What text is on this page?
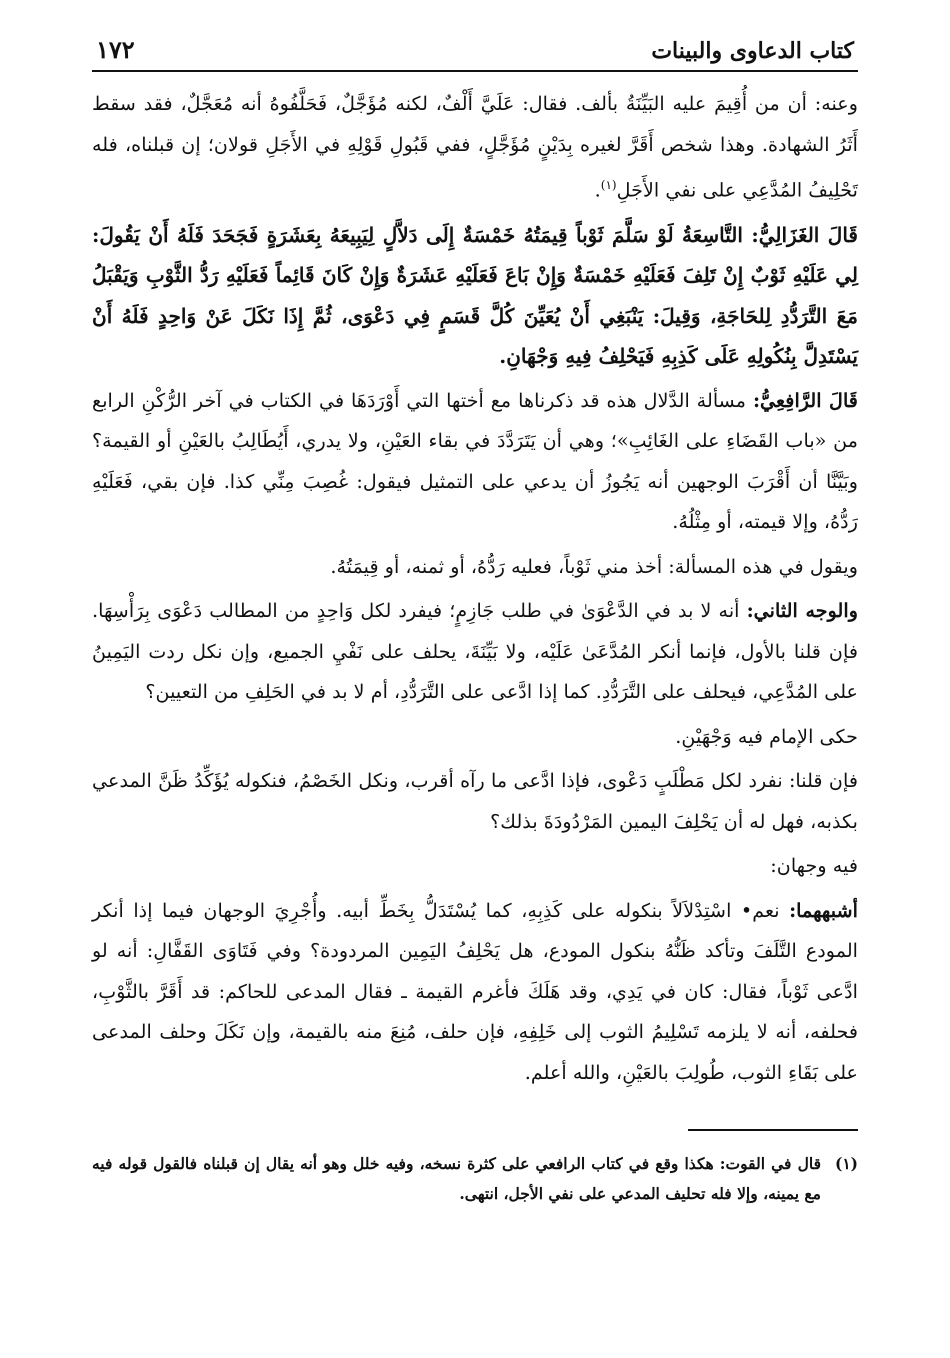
كتاب الدعاوى والبينات
١٧٢

وعنه: أن من أُقِيمَ عليه البَيِّنَةُ بألف. فقال: عَلَيَّ أَلْفٌ، لكنه مُؤَجَّلٌ، فَحَلَّفُوهُ أنه مُعَجَّلٌ، فقد سقط أَثَرُ الشهادة. وهذا شخص أَقَرَّ لغيره بِدَيْنٍ مُؤَجَّلٍ، ففي قَبُولِ قَوْلِهِ في الأَجَلِ قولان؛ إن قبلناه، فله تَحْلِيفُ المُدَّعِي على نفي الأَجَلِ$^{(١)}$.

قَالَ الغَزَالِيُّ: التَّاسِعَةُ لَوْ سَلَّمَ ثَوْباً قِيمَتُهُ خَمْسَةٌ إِلَى دَلاَّلٍ لِيَبِيعَهُ بِعَشَرَةٍ فَجَحَدَ فَلَهُ أَنْ يَقُولَ: لِي عَلَيْهِ ثَوْبٌ إِنْ تَلِفَ فَعَلَيْهِ خَمْسَةٌ وَإِنْ بَاعَ فَعَلَيْهِ عَشَرَةٌ وَإِنْ كَانَ قَائِماً فَعَلَيْهِ رَدُّ الثَّوْبِ وَيَقْبَلُ مَعَ التَّرَدُّدِ لِلحَاجَةِ، وَقِيلَ: يَنْبَغِي أَنْ يُعَيِّنَ كُلَّ قَسَمٍ فِي دَعْوَى، ثُمَّ إِذَا نَكَلَ عَنْ وَاحِدٍ فَلَهُ أَنْ يَسْتَدِلَّ بِنُكُولِهِ عَلَى كَذِبِهِ فَيَحْلِفُ فِيهِ وَجْهَانِ.

قَالَ الرَّافِعِيُّ: مسألة الدَّلال هذه قد ذكرناها مع أختها التي أَوْرَدَهَا في الكتاب في آخر الرُّكْنِ الرابع من «باب القَضَاءِ على الغَائِبِ»؛ وهي أن يَتَرَدَّدَ في بقاء العَيْنِ، ولا يدري، أَيُطَالِبُ بالعَيْنِ أو القيمة؟ وبَيَّنَّا أن أَقْرَبَ الوجهين أنه يَجُوزُ أن يدعي على التمثيل فيقول: غُصِبَ مِنِّي كذا. فإن بقي، فَعَلَيْهِ رَدُّهُ، وإلا قيمته، أو مِثْلُهُ.

ويقول في هذه المسألة: أخذ مني ثَوْباً، فعليه رَدُّهُ، أو ثمنه، أو قِيمَتُهُ.

والوجه الثاني: أنه لا بد في الدَّعْوَىٰ في طلب جَازِمٍ؛ فيفرد لكل وَاحِدٍ من المطالب دَعْوَى بِرَأْسِهَا. فإن قلنا بالأول، فإنما أنكر المُدَّعَىٰ عَلَيْه، ولا بَيِّنَةَ، يحلف على نَفْيِ الجميع، وإن نكل ردت اليَمِينُ على المُدَّعِي، فيحلف على التَّرَدُّدِ. كما إذا ادَّعى على التَّرَدُّدِ، أم لا بد في الحَلِفِ من التعيين؟

حكى الإمام فيه وَجْهَيْنِ.

فإن قلنا: نفرد لكل مَطْلَبٍ دَعْوى، فإذا ادَّعى ما رآه أقرب، ونكل الخَصْمُ، فنكوله يُؤَكِّدُ ظَنَّ المدعي بكذبه، فهل له أن يَحْلِفَ اليمين المَرْدُودَةَ بذلك؟

فيه وجهان:

أشبههما: نعم• اسْتِدْلاَلاً بنكوله على كَذِبِهِ، كما يُسْتَدَلُّ بِخَطِّ أبيه. وأُجْرِيَ الوجهان فيما إذا أنكر المودع التَّلَفَ وتأكد ظَنُّهُ بنكول المودع، هل يَحْلِفُ اليَمِين المردودة؟ وفي فَتَاوَى القَفَّالِ: أنه لو ادَّعى ثَوْباً، فقال: كان في يَدِي، وقد هَلَكَ فأغرم القيمة ـ فقال المدعى للحاكم: قد أَقَرَّ بالثَّوْبِ، فحلفه، أنه لا يلزمه تَسْلِيمُ الثوب إلى خَلِفِهِ، فإن حلف، مُنِعَ منه بالقيمة، وإن نَكَلَ وحلف المدعى على بَقَاءِ الثوب، طُولِبَ بالعَيْنِ، والله أعلم.

(١)
قال في القوت: هكذا وقع في كتاب الرافعي على كثرة نسخه، وفيه خلل وهو أنه يقال إن قبلناه فالقول قوله فيه مع يمينه، وإلا فله تحليف المدعي على نفي الأجل، انتهى.
